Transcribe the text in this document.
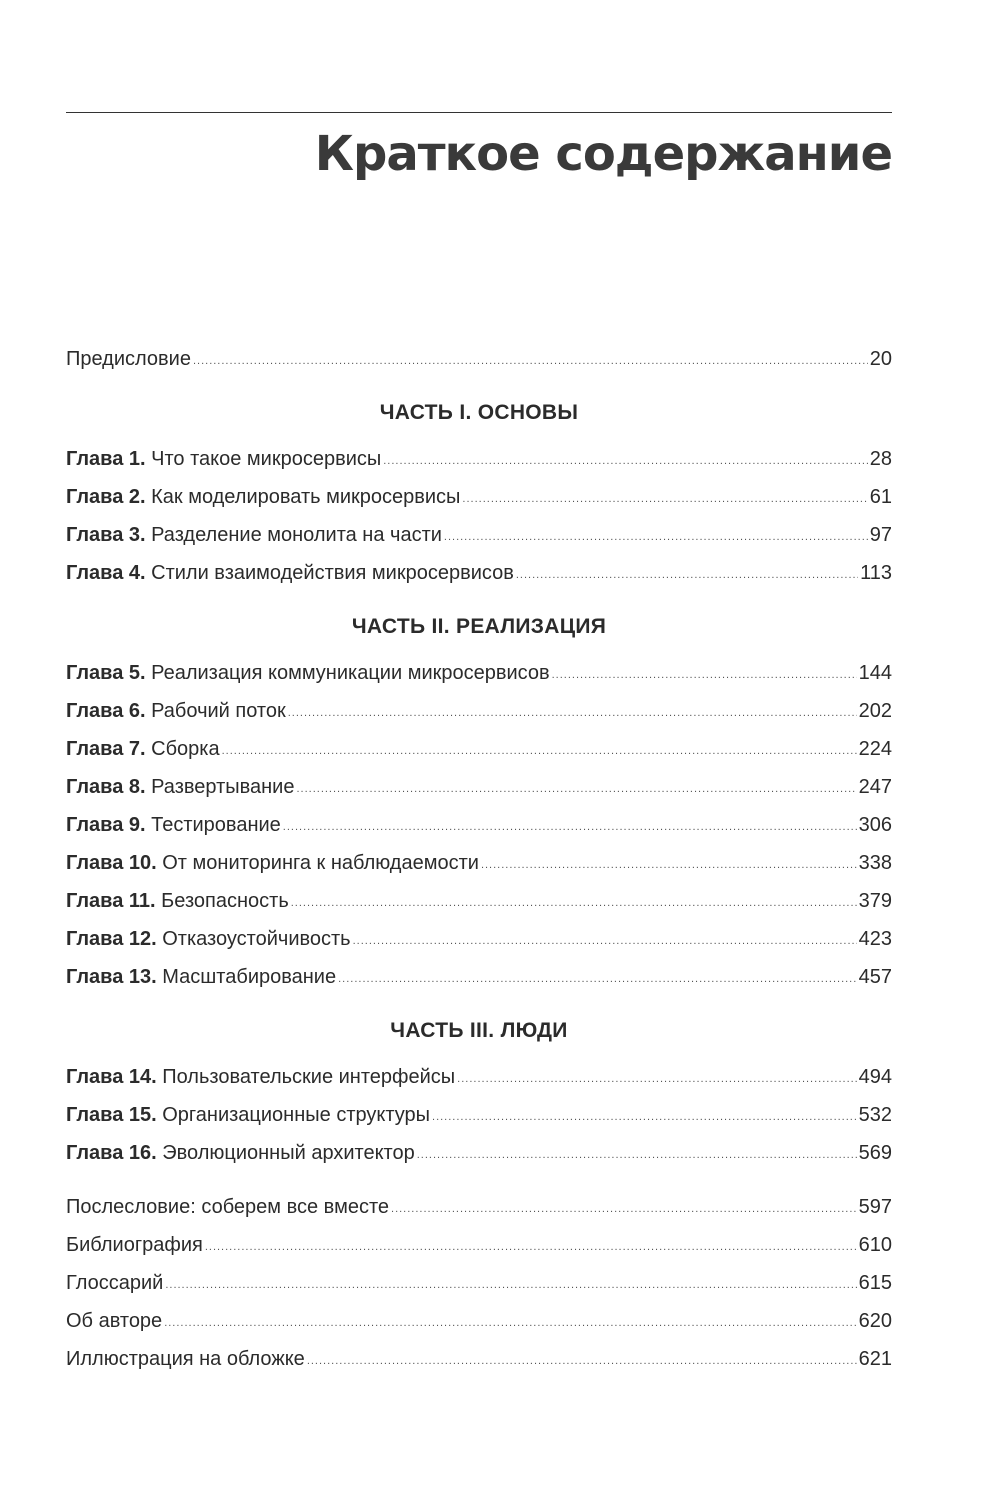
Краткое содержание
Предисловие .....	20
ЧАСТЬ I. ОСНОВЫ
Глава 1. Что такое микросервисы .....	28
Глава 2. Как моделировать микросервисы .....	61
Глава 3. Разделение монолита на части .....	97
Глава 4. Стили взаимодействия микросервисов .....	113
ЧАСТЬ II. РЕАЛИЗАЦИЯ
Глава 5. Реализация коммуникации микросервисов .....	144
Глава 6. Рабочий поток .....	202
Глава 7. Сборка .....	224
Глава 8. Развертывание .....	247
Глава 9. Тестирование .....	306
Глава 10. От мониторинга к наблюдаемости .....	338
Глава 11. Безопасность .....	379
Глава 12. Отказоустойчивость .....	423
Глава 13. Масштабирование .....	457
ЧАСТЬ III. ЛЮДИ
Глава 14. Пользовательские интерфейсы .....	494
Глава 15. Организационные структуры .....	532
Глава 16. Эволюционный архитектор .....	569
Послесловие: соберем все вместе .....	597
Библиография .....	610
Глоссарий .....	615
Об авторе .....	620
Иллюстрация на обложке .....	621
